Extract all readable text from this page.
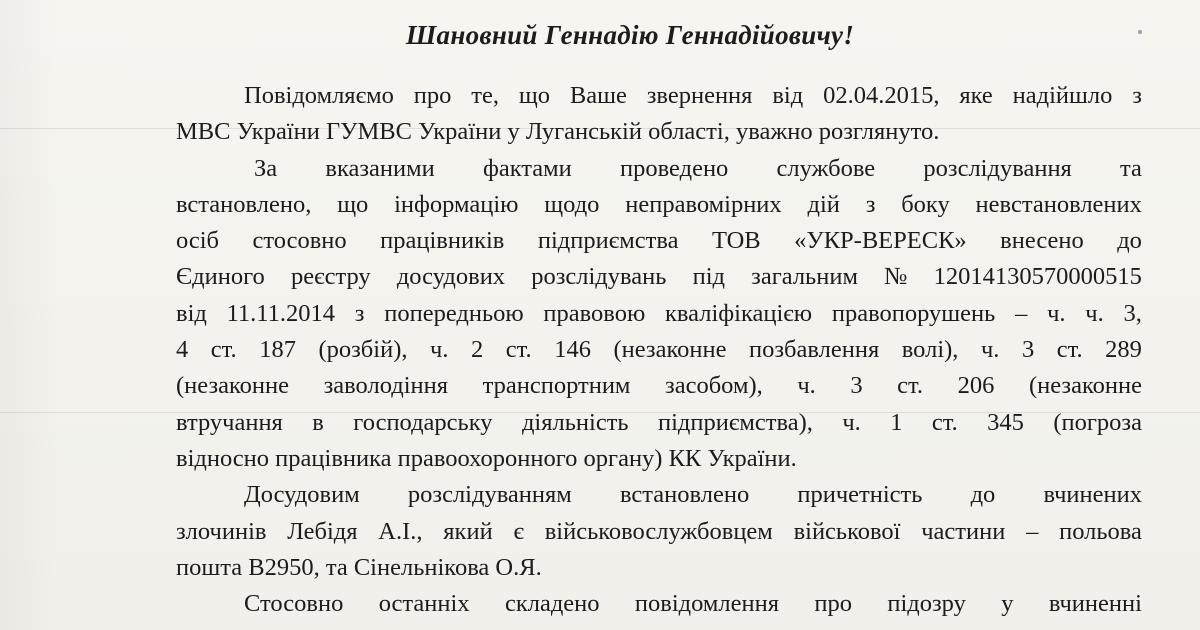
Шановний Геннадію Геннадійовичу!
Повідомляємо про те, що Ваше звернення від 02.04.2015, яке надійшло з
МВС України ГУМВС України у Луганській області, уважно розглянуто.
За вказаними фактами проведено службове розслідування та
встановлено, що інформацію щодо неправомірних дій з боку невстановлених
осіб стосовно працівників підприємства ТОВ «УКР-ВЕРЕСК» внесено до
Єдиного реєстру досудових розслідувань під загальним № 12014130570000515
від 11.11.2014 з попередньою правовою кваліфікацією правопорушень – ч. ч. 3,
4 ст. 187 (розбій), ч. 2 ст. 146 (незаконне позбавлення волі), ч. 3 ст. 289
(незаконне заволодіння транспортним засобом), ч. 3 ст. 206 (незаконне
втручання в господарську діяльність підприємства), ч. 1 ст. 345 (погроза
відносно працівника правоохоронного органу) КК України.
Досудовим розслідуванням встановлено причетність до вчинених
злочинів Лебідя А.І., який є військовослужбовцем військової частини – польова
пошта В2950, та Сінельнікова О.Я.
Стосовно останніх складено повідомлення про підозру у вчиненні
